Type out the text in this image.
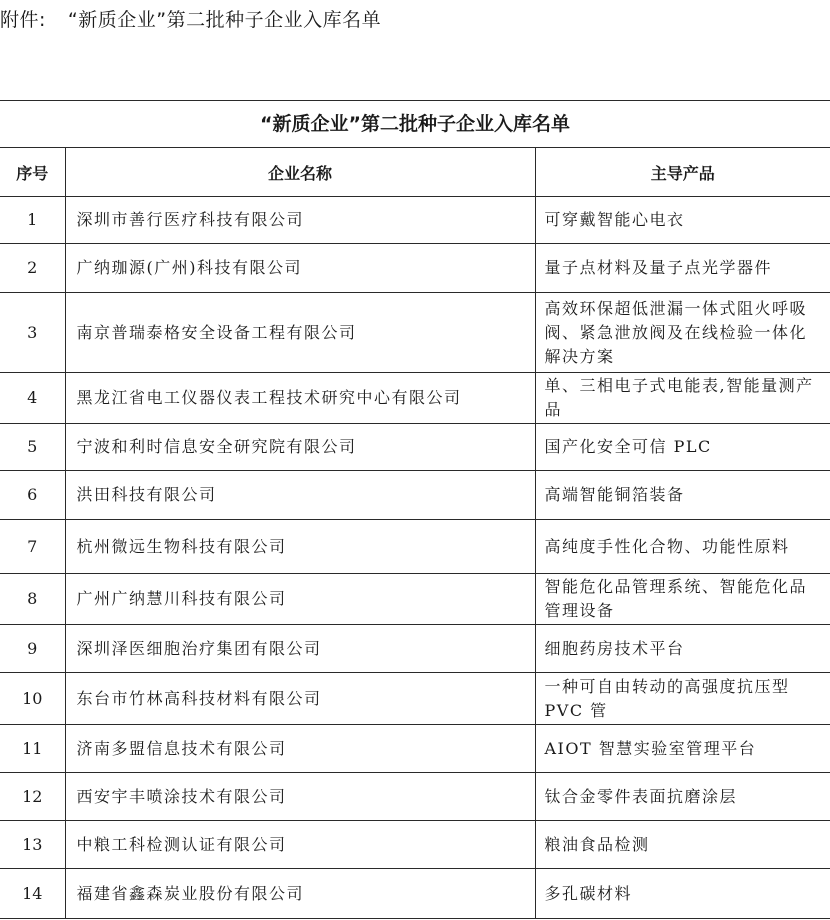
附件: “新质企业”第二批种子企业入库名单
“新质企业”第二批种子企业入库名单		
序号	企业名称	主导产品
1	深圳市善行医疗科技有限公司	可穿戴智能心电衣
2	广纳珈源(广州)科技有限公司	量子点材料及量子点光学器件
3	南京普瑞泰格安全设备工程有限公司	高效环保超低泄漏一体式阻火呼吸阀、紧急泄放阀及在线检验一体化解决方案
4	黑龙江省电工仪器仪表工程技术研究中心有限公司	单、三相电子式电能表,智能量测产品
5	宁波和利时信息安全研究院有限公司	国产化安全可信 PLC
6	洪田科技有限公司	高端智能铜箔装备
7	杭州微远生物科技有限公司	高纯度手性化合物、功能性原料
8	广州广纳慧川科技有限公司	智能危化品管理系统、智能危化品管理设备
9	深圳泽医细胞治疗集团有限公司	细胞药房技术平台
10	东台市竹林高科技材料有限公司	一种可自由转动的高强度抗压型 PVC 管
11	济南多盟信息技术有限公司	AIOT 智慧实验室管理平台
12	西安宇丰喷涂技术有限公司	钛合金零件表面抗磨涂层
13	中粮工科检测认证有限公司	粮油食品检测
14	福建省鑫森炭业股份有限公司	多孔碳材料
